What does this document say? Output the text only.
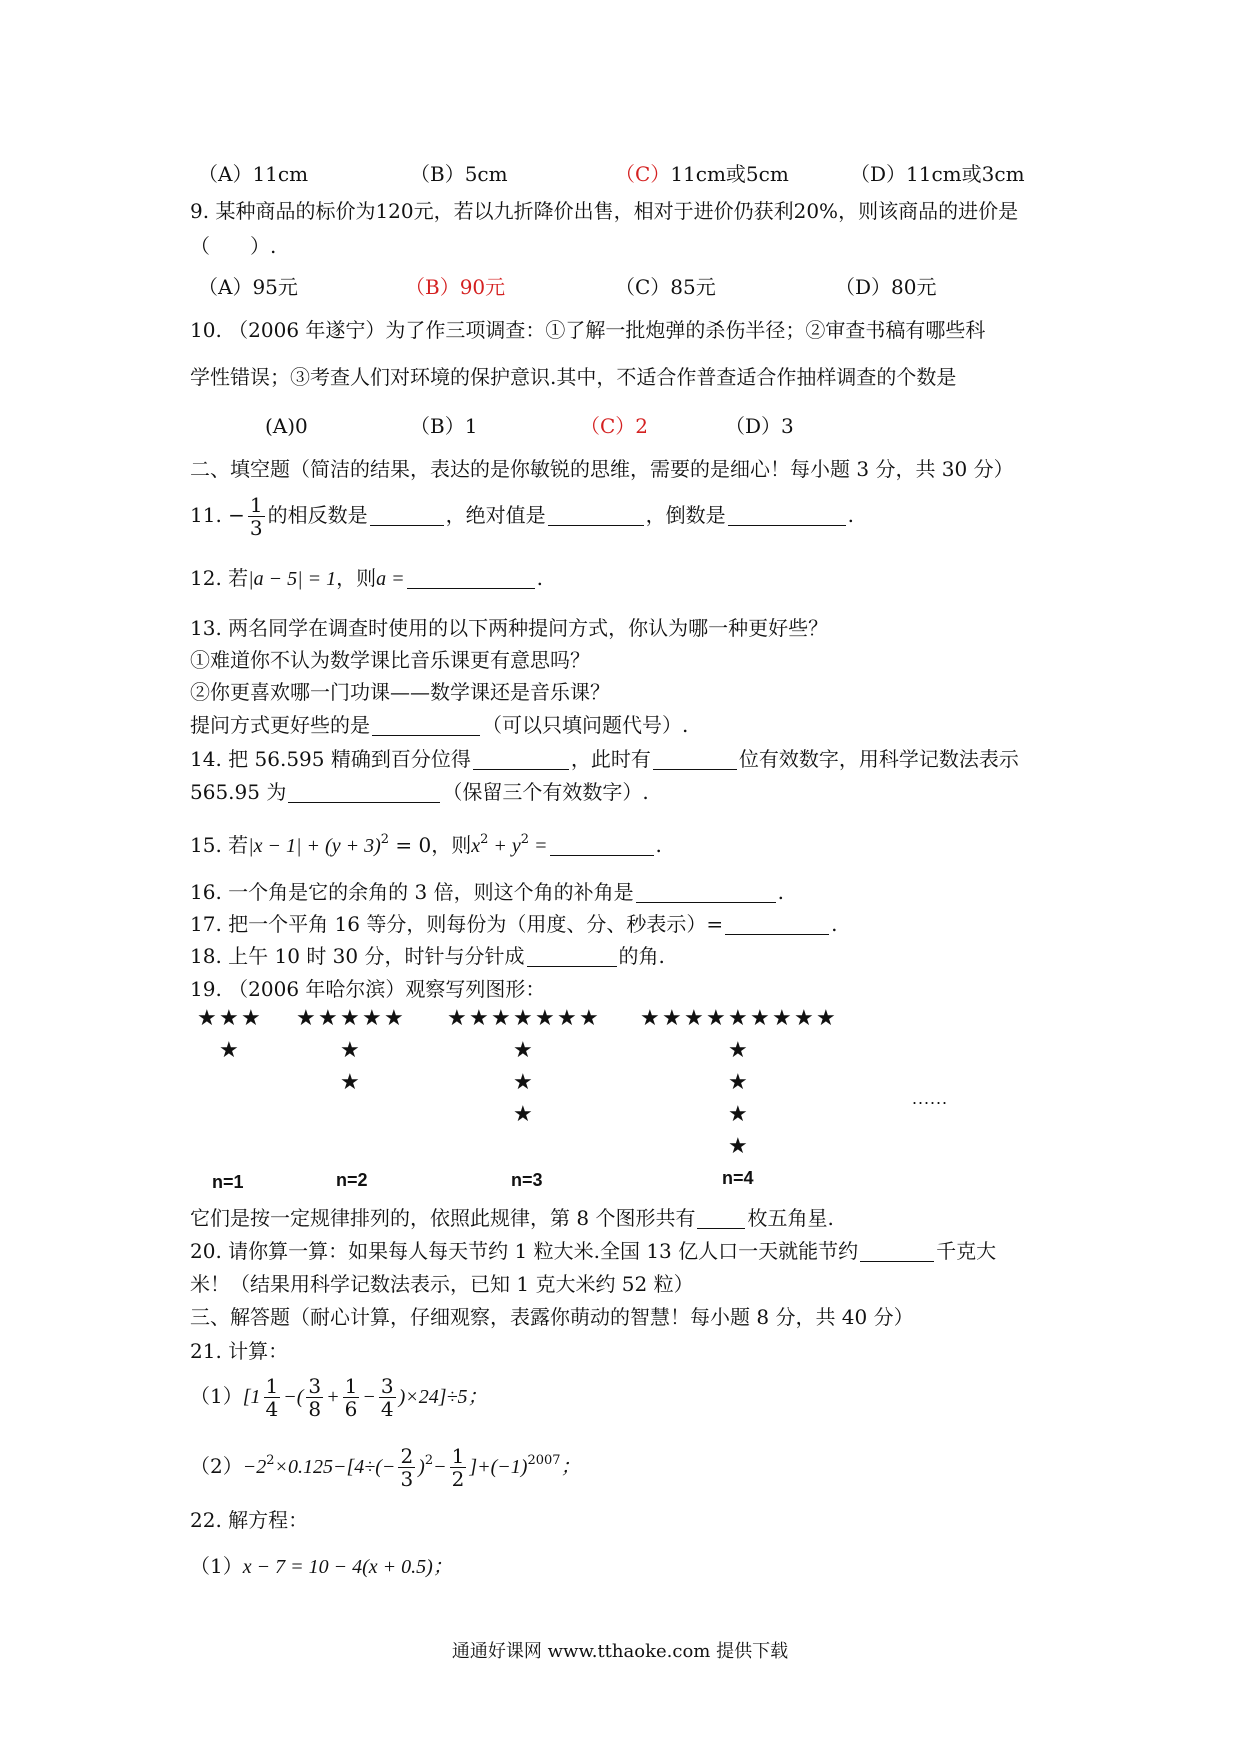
（A）11cm	（B）5cm	（C）11cm或5cm	（D）11cm或3cm
9. 某种商品的标价为120元，若以九折降价出售，相对于进价仍获利20%，则该商品的进价是
（　　）.
（A）95元	（B）90元	（C）85元	（D）80元
10. （2006 年遂宁）为了作三项调查：①了解一批炮弹的杀伤半径；②审查书稿有哪些科
学性错误；③考查人们对环境的保护意识.其中，不适合作普查适合作抽样调查的个数是
(A)0	（B）1	（C）2	（D）3
二、填空题（简洁的结果，表达的是你敏锐的思维，需要的是细心！每小题 3 分，共 30 分）
11. − $\frac{1}{3}$ 的相反数是	，绝对值是	，倒数是	.
12. 若|a − 5| = 1，则a =	.
13. 两名同学在调查时使用的以下两种提问方式，你认为哪一种更好些？
①难道你不认为数学课比音乐课更有意思吗？
②你更喜欢哪一门功课——数学课还是音乐课？
提问方式更好些的是	（可以只填问题代号）.
14. 把 56.595 精确到百分位得	，此时有	位有效数字，用科学记数法表示
565.95 为	（保留三个有效数字）.
15. 若$|x - 1| + (y + 3)^2 = 0$，则$x^2 + y^2$ =	.
16. 一个角是它的余角的 3 倍，则这个角的补角是	.
17. 把一个平角 16 等分，则每份为（用度、分、秒表示）=	.
18. 上午 10 时 30 分，时针与分针成	的角.
19. （2006 年哈尔滨）观察写列图形：
★ ★ ★
★
★ ★ ★ ★ ★
★
★
★ ★ ★ ★ ★ ★ ★
★
★
★
★ ★ ★ ★ ★ ★ ★ ★ ★
★
★
★
★
n=1	n=2	n=3	n=4
......
它们是按一定规律排列的，依照此规律，第 8 个图形共有	枚五角星.
20. 请你算一算：如果每人每天节约 1 粒大米.全国 13 亿人口一天就能节约	千克大
米！（结果用科学记数法表示，已知 1 克大米约 52 粒）
三、解答题（耐心计算，仔细观察，表露你萌动的智慧！每小题 8 分，共 40 分）
21. 计算：
$(1)[1 \frac{1}{4}$ −( $\frac{3}{8} + \frac{1}{6} - \frac{3}{4} )\times 24]\div 5$；
$(2)-2^2\times 0.125-[4\div(- \frac{2}{3} )^2- \frac{1}{2} ]+(-1)^{2007}$；
22. 解方程：
（1）x − 7 = 10 − 4(x + 0.5)；
通通好课网 www.tthaoke.com 提供下载
